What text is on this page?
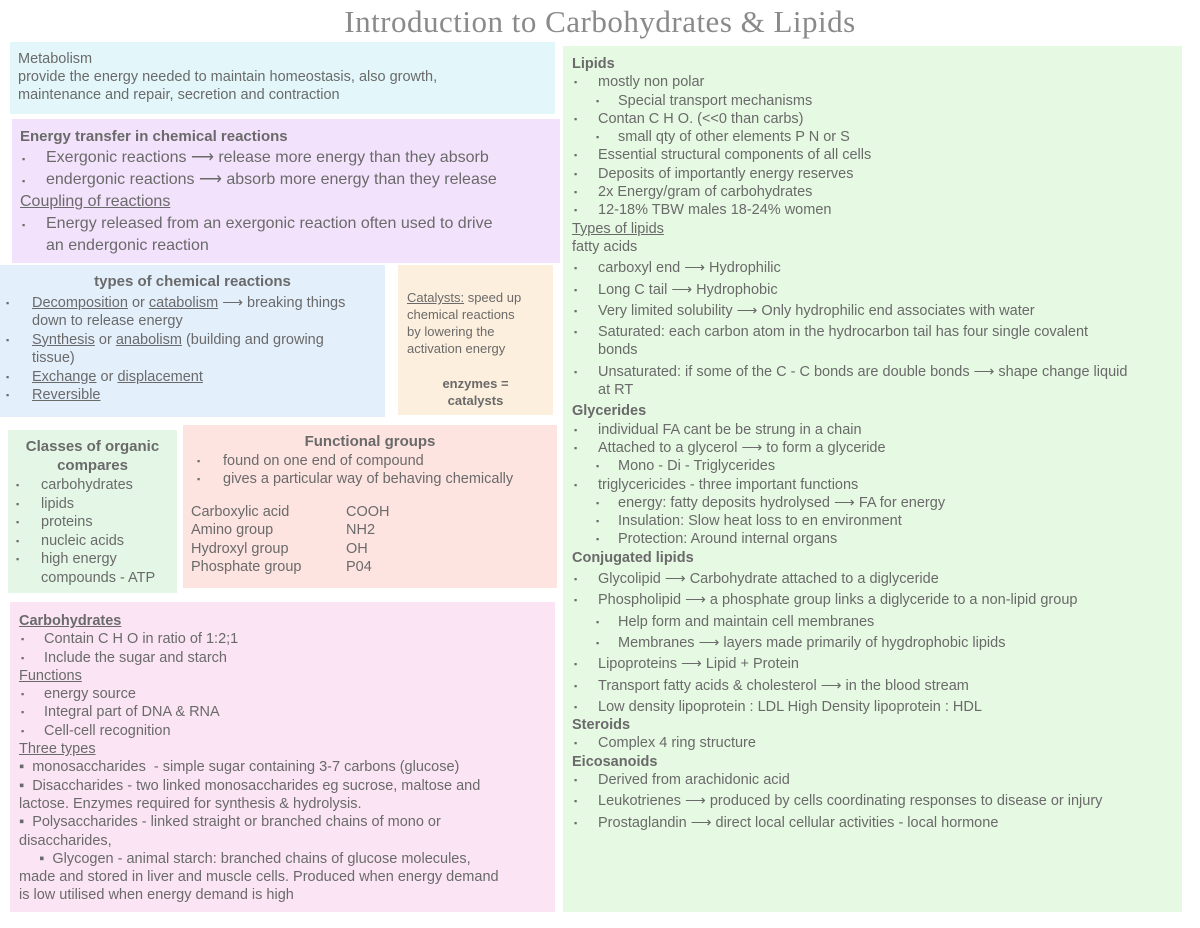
Introduction to Carbohydrates & Lipids
Metabolism
provide the energy needed to maintain homeostasis, also growth,
maintenance and repair, secretion and contraction
Energy transfer in chemical reactions
▪ Exergonic reactions ⟶ release more energy than they absorb
▪ endergonic reactions ⟶ absorb more energy than they release
Coupling of reactions
▪ Energy released from an exergonic reaction often used to drive
an endergonic reaction
types of chemical reactions
▪ Decomposition or catabolism ⟶ breaking things
down to release energy
▪ Synthesis or anabolism (building and growing
tissue)
▪ Exchange or displacement
▪ Reversible
Catalysts: speed up
chemical reactions
by lowering the
activation energy
enzymes =
catalysts
Classes of organic
compares
▪ carbohydrates
▪ lipids
▪ proteins
▪ nucleic acids
▪ high energy
compounds - ATP
Functional groups
▪ found on one end of compound
▪ gives a particular way of behaving chemically
Carboxylic acid	COOH
Amino group	NH2
Hydroxyl group	OH
Phosphate group	P04
Carbohydrates
▪ Contain C H O in ratio of 1:2;1
▪ Include the sugar and starch
Functions
▪ energy source
▪ Integral part of DNA & RNA
▪ Cell-cell recognition
Three types
▪  monosaccharides  - simple sugar containing 3-7 carbons (glucose)
▪  Disaccharides - two linked monosaccharides eg sucrose, maltose and
lactose. Enzymes required for synthesis & hydrolysis.
▪  Polysaccharides - linked straight or branched chains of mono or
disaccharides,
▪  Glycogen - animal starch: branched chains of glucose molecules,
made and stored in liver and muscle cells. Produced when energy demand
is low utilised when energy demand is high
Lipids
▪ mostly non polar
▪ Special transport mechanisms
▪ Contan C H O. (<<0 than carbs)
▪ small qty of other elements P N or S
▪ Essential structural components of all cells
▪ Deposits of importantly energy reserves
▪ 2x Energy/gram of carbohydrates
▪ 12-18% TBW males 18-24% women
Types of lipids
fatty acids
▪ carboxyl end ⟶ Hydrophilic
▪ Long C tail ⟶ Hydrophobic
▪ Very limited solubility ⟶ Only hydrophilic end associates with water
▪ Saturated: each carbon atom in the hydrocarbon tail has four single covalent
bonds
▪ Unsaturated: if some of the C - C bonds are double bonds ⟶ shape change liquid
at RT
Glycerides
▪ individual FA cant be be strung in a chain
▪ Attached to a glycerol ⟶ to form a glyceride
▪ Mono - Di - Triglycerides
▪ triglycericides - three important functions
▪ energy: fatty deposits hydrolysed ⟶ FA for energy
▪ Insulation: Slow heat loss to en environment
▪ Protection: Around internal organs
Conjugated lipids
▪ Glycolipid ⟶ Carbohydrate attached to a diglyceride
▪ Phospholipid ⟶ a phosphate group links a diglyceride to a non-lipid group
▪ Help form and maintain cell membranes
▪ Membranes ⟶ layers made primarily of hygdrophobic lipids
▪ Lipoproteins ⟶ Lipid + Protein
▪ Transport fatty acids & cholesterol ⟶ in the blood stream
▪ Low density lipoprotein : LDL High Density lipoprotein : HDL
Steroids
▪ Complex 4 ring structure
Eicosanoids
▪ Derived from arachidonic acid
▪ Leukotrienes ⟶ produced by cells coordinating responses to disease or injury
▪ Prostaglandin ⟶ direct local cellular activities - local hormone
